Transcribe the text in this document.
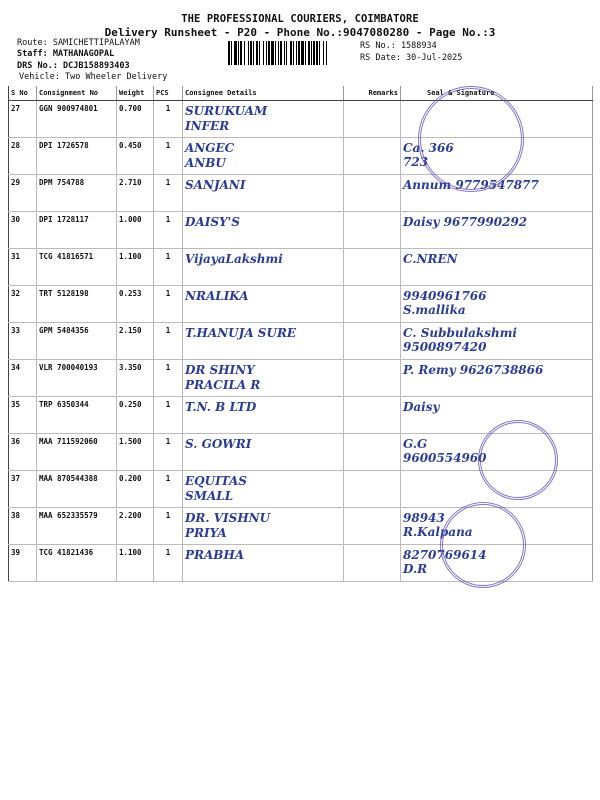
THE PROFESSIONAL COURIERS, COIMBATORE
Delivery Runsheet - P20 - Phone No.:9047080280 - Page No.:3
Route: SAMICHETTIPALAYAM
Staff: MATHANAGOPAL
DRS No.: DCJB158893403
Vehicle: Two Wheeler Delivery
RS No.: 1588934
RS Date: 30-Jul-2025
S No	Consignment No	Weight	PCS	Consignee Details	Remarks	Seal & Signature
27	GGN 900974801	0.700	1	SURUKUAM
INFER		
28	DPI 1726578	0.450	1	ANGEC
ANBU		Ca. 366
723
29	DPM 754788	2.710	1	SANJANI		Annum 9779547877
30	DPI 1728117	1.000	1	DAISY'S		Daisy 9677990292
31	TCG 41816571	1.100	1	VijayaLakshmi		C.NREN
32	TRT 5128198	0.253	1	NRALIKA		9940961766
S.mallika
33	GPM 5484356	2.150	1	T.HANUJA SURE		C. Subbulakshmi 9500897420
34	VLR 700040193	3.350	1	DR SHINY
PRACILA R		P. Remy 9626738866
35	TRP 6350344	0.250	1	T.N. B LTD		Daisy
36	MAA 711592060	1.500	1	S. GOWRI		G.G
9600554960
37	MAA 870544388	0.200	1	EQUITAS
SMALL		
38	MAA 652335579	2.200	1	DR. VISHNU
PRIYA		98943
R.Kalpana
39	TCG 41821436	1.100	1	PRABHA		8270769614
D.R
